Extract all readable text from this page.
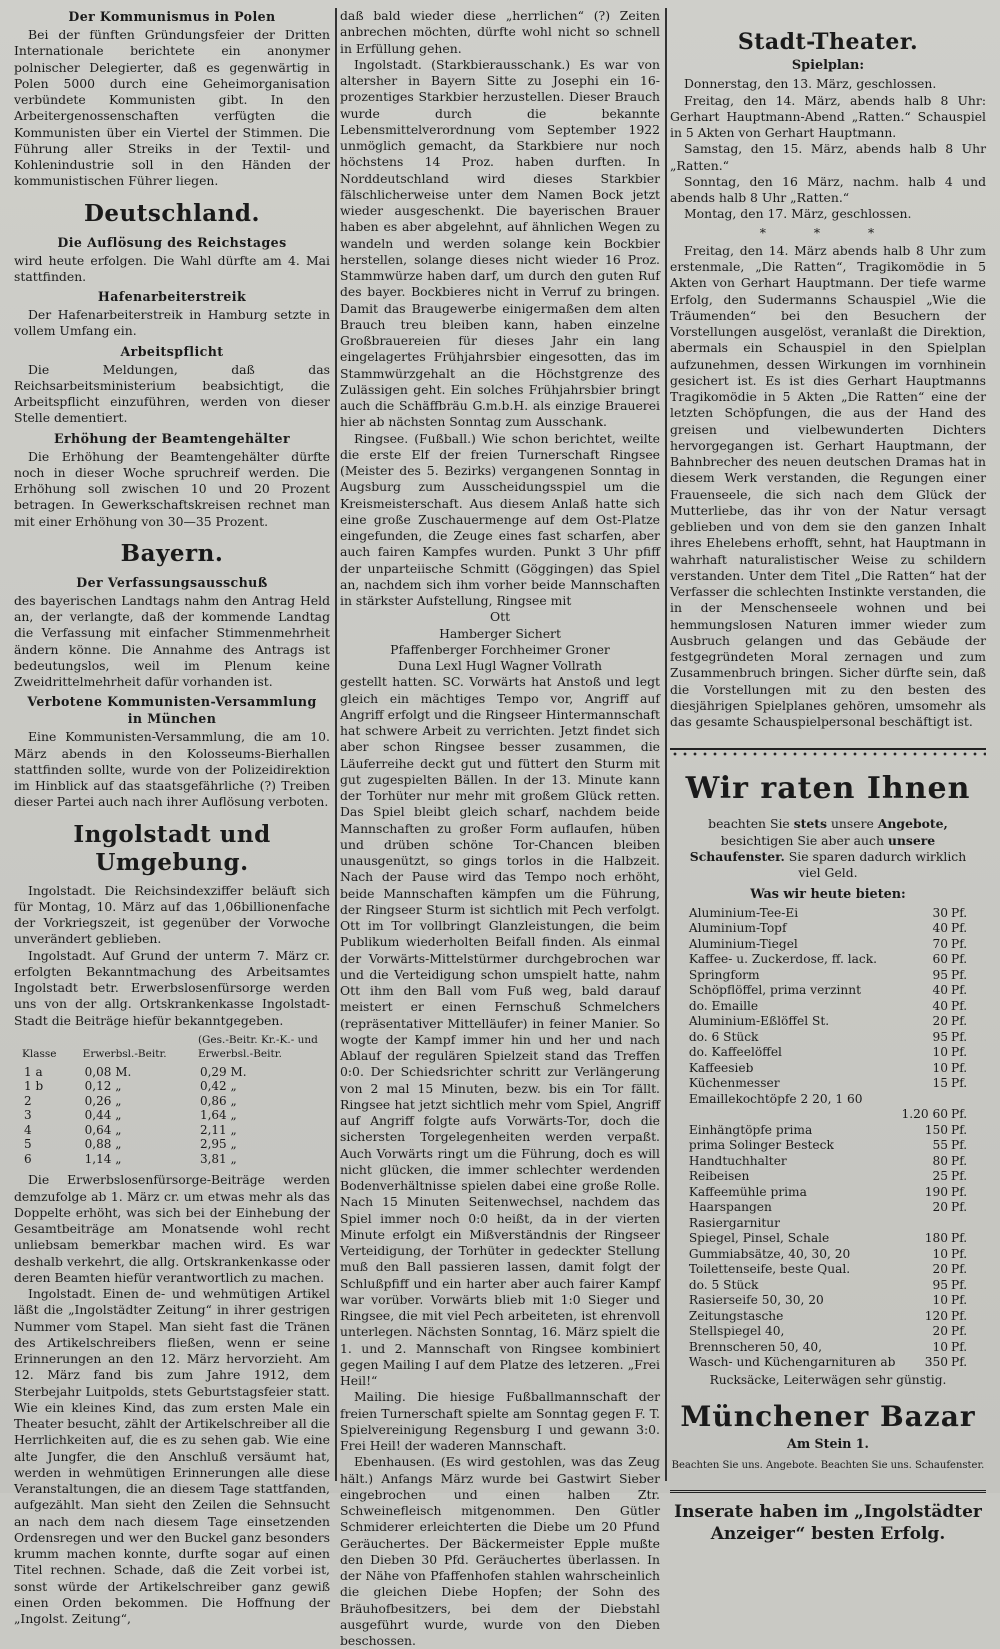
Der Kommunismus in Polen

Bei der fünften Gründungsfeier der Dritten Internationale berichtete ein anonymer polnischer Delegierter, daß es gegenwärtig in Polen 5000 durch eine Geheimorganisation verbündete Kommunisten gibt. In den Arbeitergenossenschaften verfügten die Kommunisten über ein Viertel der Stimmen. Die Führung aller Streiks in der Textil- und Kohlenindustrie soll in den Händen der kommunistischen Führer liegen.

Deutschland.
Die Auflösung des Reichstages

wird heute erfolgen. Die Wahl dürfte am 4. Mai stattfinden.

Hafenarbeiterstreik

Der Hafenarbeiterstreik in Hamburg setzte in vollem Umfang ein.

Arbeitspflicht

Die Meldungen, daß das Reichsarbeitsministerium beabsichtigt, die Arbeitspflicht einzuführen, werden von dieser Stelle dementiert.

Erhöhung der Beamtengehälter

Die Erhöhung der Beamtengehälter dürfte noch in dieser Woche spruchreif werden. Die Erhöhung soll zwischen 10 und 20 Prozent betragen. In Gewerkschaftskreisen rechnet man mit einer Erhöhung von 30—35 Prozent.

Bayern.
Der Verfassungsausschuß

des bayerischen Landtags nahm den Antrag Held an, der verlangte, daß der kommende Landtag die Verfassung mit einfacher Stimmenmehrheit ändern könne. Die Annahme des Antrags ist bedeutungslos, weil im Plenum keine Zweidrittelmehrheit dafür vorhanden ist.

Verbotene Kommunisten-Versammlung
in München

Eine Kommunisten-Versammlung, die am 10. März abends in den Kolosseums-Bierhallen stattfinden sollte, wurde von der Polizeidirektion im Hinblick auf das staatsgefährliche (?) Treiben dieser Partei auch nach ihrer Auflösung verboten.

Ingolstadt und Umgebung.

Ingolstadt. Die Reichsindexziffer beläuft sich für Montag, 10. März auf das 1,06billionenfache der Vorkriegszeit, ist gegenüber der Vorwoche unverändert geblieben.

Ingolstadt. Auf Grund der unterm 7. März cr. erfolgten Bekanntmachung des Arbeitsamtes Ingolstadt betr. Erwerbslosenfürsorge werden uns von der allg. Ortskrankenkasse Ingolstadt-Stadt die Beiträge hiefür bekanntgegeben.

Klasse	Erwerbsl.-Beitr.	(Ges.-Beitr. Kr.-K.- und Erwerbsl.-Beitr.
1 a	0,08 M.	0,29 M.
1 b	0,12 „	0,42 „
2	0,26 „	0,86 „
3	0,44 „	1,64 „
4	0,64 „	2,11 „
5	0,88 „	2,95 „
6	1,14 „	3,81 „

Die Erwerbslosenfürsorge-Beiträge werden demzufolge ab 1. März cr. um etwas mehr als das Doppelte erhöht, was sich bei der Einhebung der Gesamtbeiträge am Monatsende wohl recht unliebsam bemerkbar machen wird. Es war deshalb verkehrt, die allg. Ortskrankenkasse oder deren Beamten hiefür verantwortlich zu machen.

Ingolstadt. Einen de- und wehmütigen Artikel läßt die „Ingolstädter Zeitung“ in ihrer gestrigen Nummer vom Stapel. Man sieht fast die Tränen des Artikelschreibers fließen, wenn er seine Erinnerungen an den 12. März hervorzieht. Am 12. März fand bis zum Jahre 1912, dem Sterbejahr Luitpolds, stets Geburtstagsfeier statt. Wie ein kleines Kind, das zum ersten Male ein Theater besucht, zählt der Artikelschreiber all die Herrlichkeiten auf, die es zu sehen gab. Wie eine alte Jungfer, die den Anschluß versäumt hat, werden in wehmütigen Erinnerungen alle diese Veranstaltungen, die an diesem Tage stattfanden, aufgezählt. Man sieht den Zeilen die Sehnsucht an nach dem nach diesem Tage einsetzenden Ordensregen und wer den Buckel ganz besonders krumm machen konnte, durfte sogar auf einen Titel rechnen. Schade, daß die Zeit vorbei ist, sonst würde der Artikelschreiber ganz gewiß einen Orden bekommen. Die Hoffnung der „Ingolst. Zeitung“,

daß bald wieder diese „herrlichen“ (?) Zeiten anbrechen möchten, dürfte wohl nicht so schnell in Erfüllung gehen.

Ingolstadt. (Starkbierausschank.) Es war von altersher in Bayern Sitte zu Josephi ein 16-prozentiges Starkbier herzustellen. Dieser Brauch wurde durch die bekannte Lebensmittelverordnung vom September 1922 unmöglich gemacht, da Starkbiere nur noch höchstens 14 Proz. haben durften. In Norddeutschland wird dieses Starkbier fälschlicherweise unter dem Namen Bock jetzt wieder ausgeschenkt. Die bayerischen Brauer haben es aber abgelehnt, auf ähnlichen Wegen zu wandeln und werden solange kein Bockbier herstellen, solange dieses nicht wieder 16 Proz. Stammwürze haben darf, um durch den guten Ruf des bayer. Bockbieres nicht in Verruf zu bringen. Damit das Braugewerbe einigermaßen dem alten Brauch treu bleiben kann, haben einzelne Großbrauereien für dieses Jahr ein lang eingelagertes Frühjahrsbier eingesotten, das im Stammwürzgehalt an die Höchstgrenze des Zulässigen geht. Ein solches Frühjahrsbier bringt auch die Schäffbräu G.m.b.H. als einzige Brauerei hier ab nächsten Sonntag zum Ausschank.

Ringsee. (Fußball.) Wie schon berichtet, weilte die erste Elf der freien Turnerschaft Ringsee (Meister des 5. Bezirks) vergangenen Sonntag in Augsburg zum Ausscheidungsspiel um die Kreismeisterschaft. Aus diesem Anlaß hatte sich eine große Zuschauermenge auf dem Ost-Platze eingefunden, die Zeuge eines fast scharfen, aber auch fairen Kampfes wurden. Punkt 3 Uhr pfiff der unparteiische Schmitt (Göggingen) das Spiel an, nachdem sich ihm vorher beide Mannschaften in stärkster Aufstellung, Ringsee mit

Ott
Hamberger Sichert
Pfaffenberger Forchheimer Groner
Duna Lexl Hugl Wagner Vollrath

gestellt hatten. SC. Vorwärts hat Anstoß und legt gleich ein mächtiges Tempo vor, Angriff auf Angriff erfolgt und die Ringseer Hintermannschaft hat schwere Arbeit zu verrichten. Jetzt findet sich aber schon Ringsee besser zusammen, die Läuferreihe deckt gut und füttert den Sturm mit gut zugespielten Bällen. In der 13. Minute kann der Torhüter nur mehr mit großem Glück retten. Das Spiel bleibt gleich scharf, nachdem beide Mannschaften zu großer Form auflaufen, hüben und drüben schöne Tor-Chancen bleiben unausgenützt, so gings torlos in die Halbzeit. Nach der Pause wird das Tempo noch erhöht, beide Mannschaften kämpfen um die Führung, der Ringseer Sturm ist sichtlich mit Pech verfolgt. Ott im Tor vollbringt Glanzleistungen, die beim Publikum wiederholten Beifall finden. Als einmal der Vorwärts-Mittelstürmer durchgebrochen war und die Verteidigung schon umspielt hatte, nahm Ott ihm den Ball vom Fuß weg, bald darauf meistert er einen Fernschuß Schmelchers (repräsentativer Mittelläufer) in feiner Manier. So wogte der Kampf immer hin und her und nach Ablauf der regulären Spielzeit stand das Treffen 0:0. Der Schiedsrichter schritt zur Verlängerung von 2 mal 15 Minuten, bezw. bis ein Tor fällt. Ringsee hat jetzt sichtlich mehr vom Spiel, Angriff auf Angriff folgte aufs Vorwärts-Tor, doch die sichersten Torgelegenheiten werden verpaßt. Auch Vorwärts ringt um die Führung, doch es will nicht glücken, die immer schlechter werdenden Bodenverhältnisse spielen dabei eine große Rolle. Nach 15 Minuten Seitenwechsel, nachdem das Spiel immer noch 0:0 heißt, da in der vierten Minute erfolgt ein Mißverständnis der Ringseer Verteidigung, der Torhüter in gedeckter Stellung muß den Ball passieren lassen, damit folgt der Schlußpfiff und ein harter aber auch fairer Kampf war vorüber. Vorwärts blieb mit 1:0 Sieger und Ringsee, die mit viel Pech arbeiteten, ist ehrenvoll unterlegen. Nächsten Sonntag, 16. März spielt die 1. und 2. Mannschaft von Ringsee kombiniert gegen Mailing I auf dem Platze des letzeren. „Frei Heil!“

Mailing. Die hiesige Fußballmannschaft der freien Turnerschaft spielte am Sonntag gegen F. T. Spielvereinigung Regensburg I und gewann 3:0. Frei Heil! der waderen Mannschaft.

Ebenhausen. (Es wird gestohlen, was das Zeug hält.) Anfangs März wurde bei Gastwirt Sieber eingebrochen und einen halben Ztr. Schweinefleisch mitgenommen. Den Gütler Schmiderer erleichterten die Diebe um 20 Pfund Geräuchertes. Der Bäckermeister Epple mußte den Dieben 30 Pfd. Geräuchertes überlassen. In der Nähe von Pfaffenhofen stahlen wahrscheinlich die gleichen Diebe Hopfen; der Sohn des Bräuhofbesitzers, bei dem der Diebstahl ausgeführt wurde, wurde von den Dieben beschossen.

Stadt-Theater.
Spielplan:

Donnerstag, den 13. März, geschlossen.

Freitag, den 14. März, abends halb 8 Uhr: Gerhart Hauptmann-Abend „Ratten.“ Schauspiel in 5 Akten von Gerhart Hauptmann.

Samstag, den 15. März, abends halb 8 Uhr „Ratten.“

Sonntag, den 16 März, nachm. halb 4 und abends halb 8 Uhr „Ratten.“

Montag, den 17. März, geschlossen.

* * *

Freitag, den 14. März abends halb 8 Uhr zum erstenmale, „Die Ratten“, Tragikomödie in 5 Akten von Gerhart Hauptmann. Der tiefe warme Erfolg, den Sudermanns Schauspiel „Wie die Träumenden“ bei den Besuchern der Vorstellungen ausgelöst, veranlaßt die Direktion, abermals ein Schauspiel in den Spielplan aufzunehmen, dessen Wirkungen im vornhinein gesichert ist. Es ist dies Gerhart Hauptmanns Tragikomödie in 5 Akten „Die Ratten“ eine der letzten Schöpfungen, die aus der Hand des greisen und vielbewunderten Dichters hervorgegangen ist. Gerhart Hauptmann, der Bahnbrecher des neuen deutschen Dramas hat in diesem Werk verstanden, die Regungen einer Frauenseele, die sich nach dem Glück der Mutterliebe, das ihr von der Natur versagt geblieben und von dem sie den ganzen Inhalt ihres Ehelebens erhofft, sehnt, hat Hauptmann in wahrhaft naturalistischer Weise zu schildern verstanden. Unter dem Titel „Die Ratten“ hat der Verfasser die schlechten Instinkte verstanden, die in der Menschenseele wohnen und bei hemmungslosen Naturen immer wieder zum Ausbruch gelangen und das Gebäude der festgegründeten Moral zernagen und zum Zusammenbruch bringen. Sicher dürfte sein, daß die Vorstellungen mit zu den besten des diesjährigen Spielplanes gehören, umsomehr als das gesamte Schauspielpersonal beschäftigt ist.

Wir raten Ihnen

beachten Sie stets unsere Angebote, besichtigen Sie aber auch unsere Schaufenster. Sie sparen dadurch wirklich viel Geld.

Was wir heute bieten:
Aluminium-Tee-Ei	30	Pf.
Aluminium-Topf	40	Pf.
Aluminium-Tiegel	70	Pf.
Kaffee- u. Zuckerdose, ff. lack.	60	Pf.
Springform	95	Pf.
Schöpflöffel, prima verzinnt	40	Pf.
do. Emaille	40	Pf.
Aluminium-Eßlöffel St.	20	Pf.
do. 6 Stück	95	Pf.
do. Kaffeelöffel	10	Pf.
Kaffeesieb	10	Pf.
Küchenmesser	15	Pf.
Emaillekochtöpfe 2 20, 1 60		
	1.20 60	Pf.
Einhängtöpfe prima	150	Pf.
prima Solinger Besteck	55	Pf.
Handtuchhalter	80	Pf.
Reibeisen	25	Pf.
Kaffeemühle prima	190	Pf.
Haarspangen	20	Pf.
Rasiergarnitur		
Spiegel, Pinsel, Schale	180	Pf.
Gummiabsätze, 40, 30, 20	10	Pf.
Toilettenseife, beste Qual.	20	Pf.
do. 5 Stück	95	Pf.
Rasierseife 50, 30, 20	10	Pf.
Zeitungstasche	120	Pf.
Stellspiegel 40,	20	Pf.
Brennscheren 50, 40,	10	Pf.
Wasch- und Küchengarnituren ab	350	Pf.
Rucksäcke, Leiterwägen sehr günstig.
Münchener Bazar
Am Stein 1.
Beachten Sie uns. Angebote. Beachten Sie uns. Schaufenster.
Inserate haben im „Ingolstädter Anzeiger“ besten Erfolg.
